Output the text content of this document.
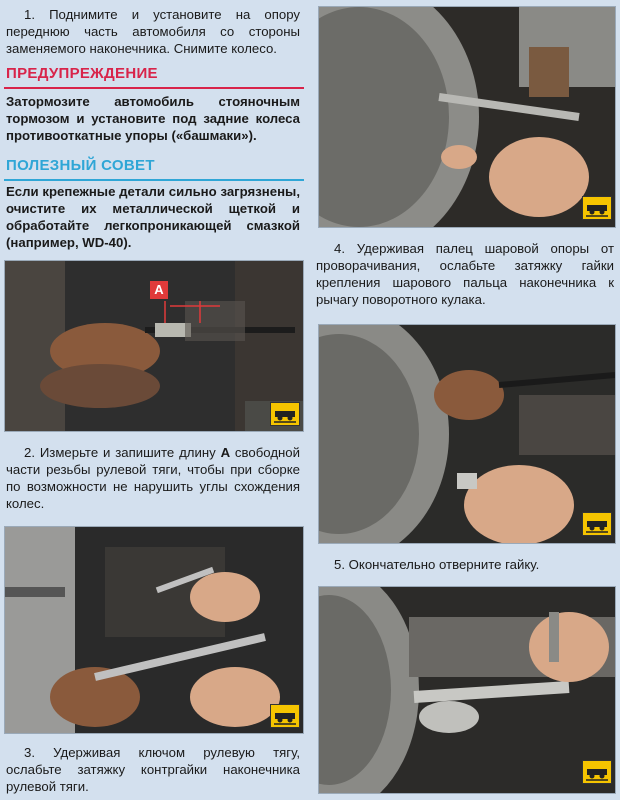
1. Поднимите и установите на опору переднюю часть автомобиля со стороны заменяемого наконечника. Снимите колесо.
ПРЕДУПРЕЖДЕНИЕ
Затормозите автомобиль стояночным тормозом и установите под задние колеса противооткатные упоры («башмаки»).
ПОЛЕЗНЫЙ СОВЕТ
Если крепежные детали сильно загрязнены, очистите их металлической щеткой и обработайте легкопроникающей смазкой (например, WD-40).
А
2. Измерьте и запишите длину А свободной части резьбы рулевой тяги, чтобы при сборке по возможности не нарушить углы схождения колес.
3. Удерживая ключом рулевую тягу, ослабьте затяжку контргайки наконечника рулевой тяги.
4. Удерживая палец шаровой опоры от проворачивания, ослабьте затяжку гайки крепления шарового пальца наконечника к рычагу поворотного кулака.
5. Окончательно отверните гайку.
